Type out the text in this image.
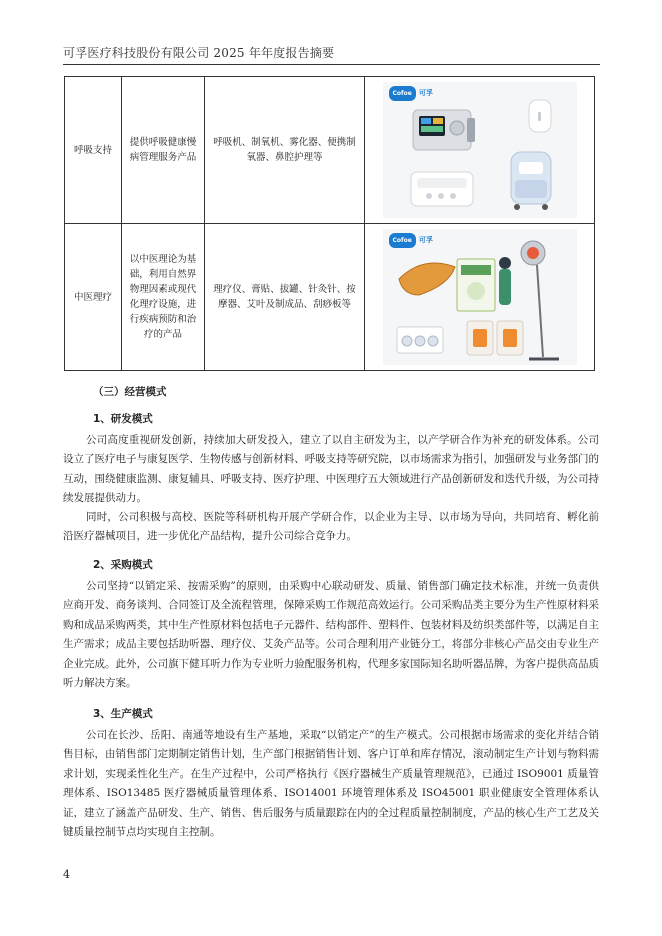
可孚医疗科技股份有限公司 2025 年年度报告摘要
呼吸支持	提供呼吸健康慢病管理服务产品	呼吸机、制氧机、雾化器、便携制氧器、鼻腔护理等	Cofoe 可孚

中医理疗	以中医理论为基础，利用自然界物理因素或现代化理疗设施，进行疾病预防和治疗的产品	理疗仪、膏贴、拔罐、针灸针、按摩器、艾叶及制成品、刮痧板等	Cofoe 可孚
（三）经营模式
1、研发模式

公司高度重视研发创新，持续加大研发投入，建立了以自主研发为主，以产学研合作为补充的研发体系。公司设立了医疗电子与康复医学、生物传感与创新材料、呼吸支持等研究院，以市场需求为指引，加强研发与业务部门的互动，围绕健康监测、康复辅具、呼吸支持、医疗护理、中医理疗五大领域进行产品创新研发和迭代升级，为公司持续发展提供动力。

同时，公司积极与高校、医院等科研机构开展产学研合作，以企业为主导、以市场为导向，共同培育、孵化前沿医疗器械项目，进一步优化产品结构，提升公司综合竞争力。

2、采购模式

公司坚持“以销定采、按需采购”的原则，由采购中心联动研发、质量、销售部门确定技术标准，并统一负责供应商开发、商务谈判、合同签订及全流程管理，保障采购工作规范高效运行。公司采购品类主要分为生产性原材料采购和成品采购两类，其中生产性原材料包括电子元器件、结构部件、塑料件、包装材料及纺织类部件等，以满足自主生产需求；成品主要包括助听器、理疗仪、艾灸产品等。公司合理利用产业链分工，将部分非核心产品交由专业生产企业完成。此外，公司旗下健耳听力作为专业听力验配服务机构，代理多家国际知名助听器品牌，为客户提供高品质听力解决方案。

3、生产模式

公司在长沙、岳阳、南通等地设有生产基地，采取“以销定产”的生产模式。公司根据市场需求的变化并结合销售目标，由销售部门定期制定销售计划，生产部门根据销售计划、客户订单和库存情况，滚动制定生产计划与物料需求计划，实现柔性化生产。在生产过程中，公司严格执行《医疗器械生产质量管理规范》，已通过 ISO9001 质量管理体系、ISO13485 医疗器械质量管理体系、ISO14001 环境管理体系及 ISO45001 职业健康安全管理体系认证，建立了涵盖产品研发、生产、销售、售后服务与质量跟踪在内的全过程质量控制制度，产品的核心生产工艺及关键质量控制节点均实现自主控制。

4
